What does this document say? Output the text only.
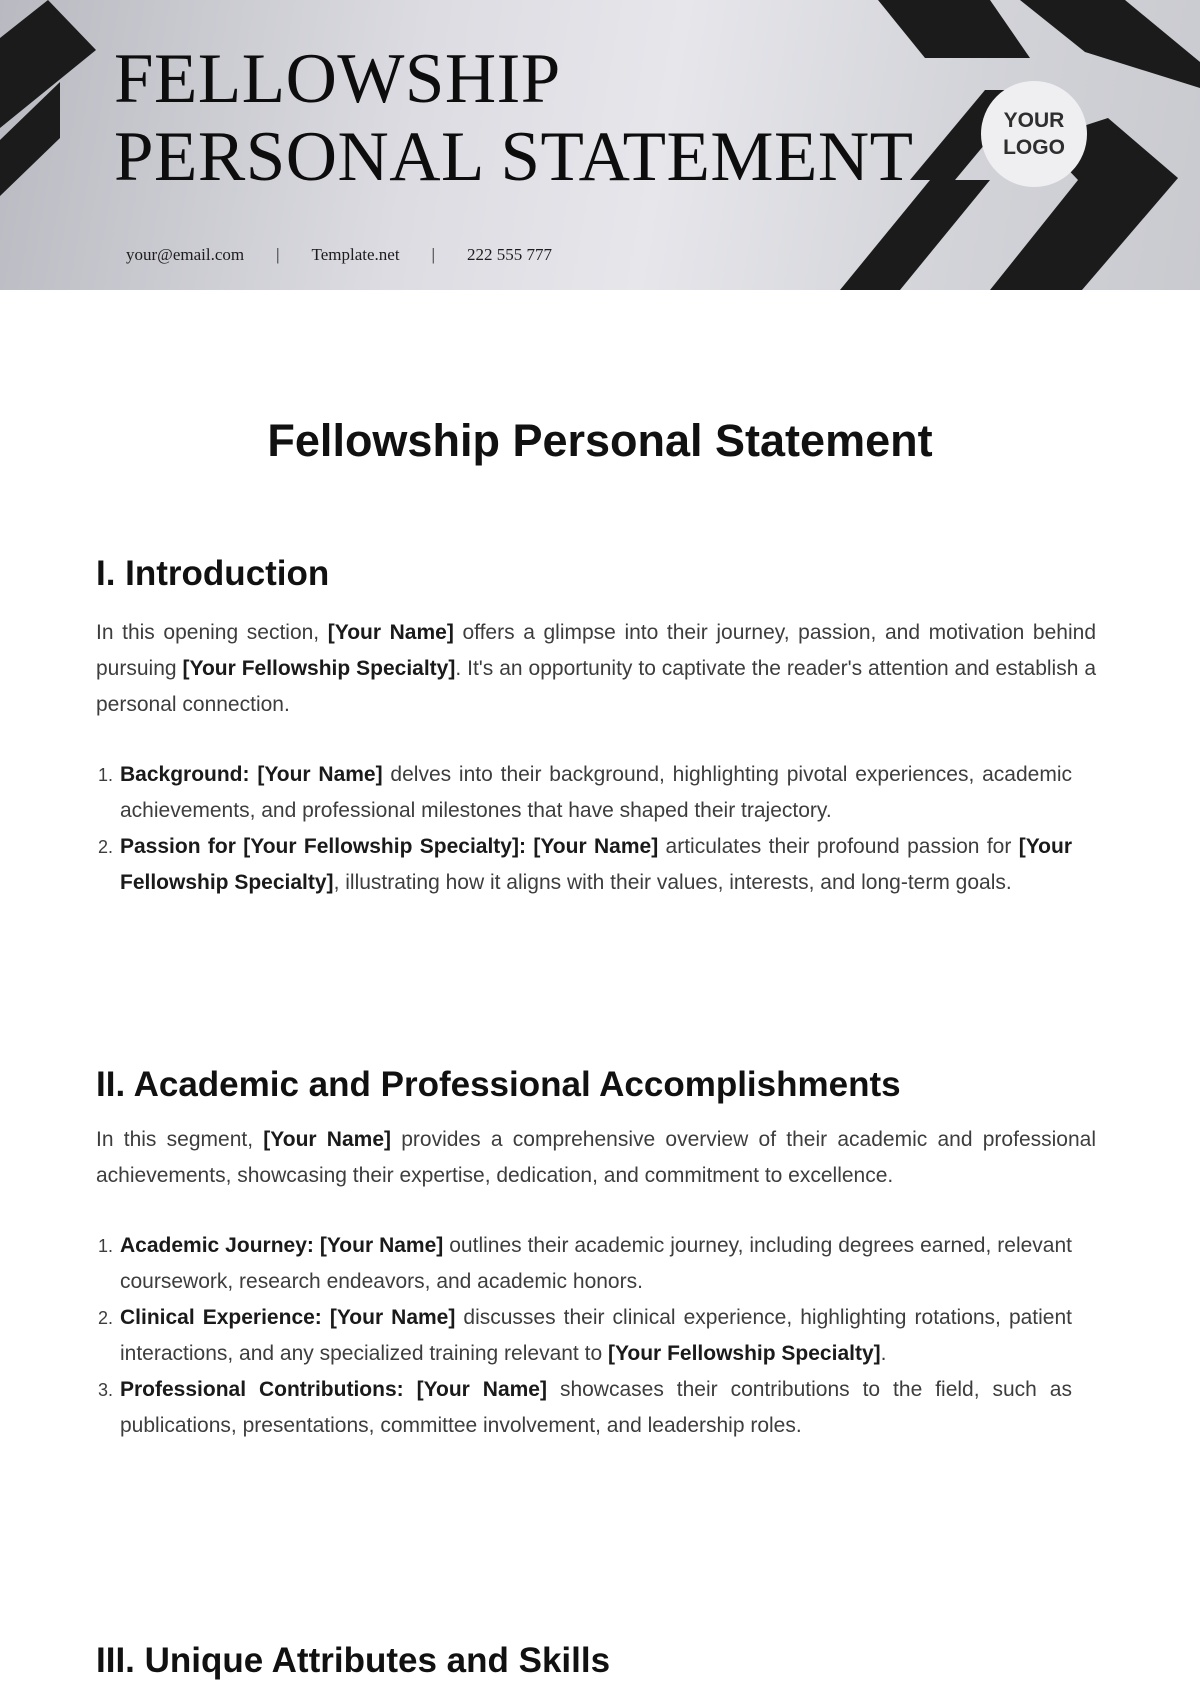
FELLOWSHIP
PERSONAL STATEMENT
your@email.com | Template.net | 222 555 777
YOUR
LOGO
Fellowship Personal Statement
I. Introduction

In this opening section, [Your Name] offers a glimpse into their journey, passion, and motivation behind pursuing [Your Fellowship Specialty]. It's an opportunity to captivate the reader's attention and establish a personal connection.

1. Background: [Your Name] delves into their background, highlighting pivotal experiences, academic achievements, and professional milestones that have shaped their trajectory.
2. Passion for [Your Fellowship Specialty]: [Your Name] articulates their profound passion for [Your Fellowship Specialty], illustrating how it aligns with their values, interests, and long-term goals.
II. Academic and Professional Accomplishments

In this segment, [Your Name] provides a comprehensive overview of their academic and professional achievements, showcasing their expertise, dedication, and commitment to excellence.

1. Academic Journey: [Your Name] outlines their academic journey, including degrees earned, relevant coursework, research endeavors, and academic honors.
2. Clinical Experience: [Your Name] discusses their clinical experience, highlighting rotations, patient interactions, and any specialized training relevant to [Your Fellowship Specialty].
3. Professional Contributions: [Your Name] showcases their contributions to the field, such as publications, presentations, committee involvement, and leadership roles.
III. Unique Attributes and Skills
